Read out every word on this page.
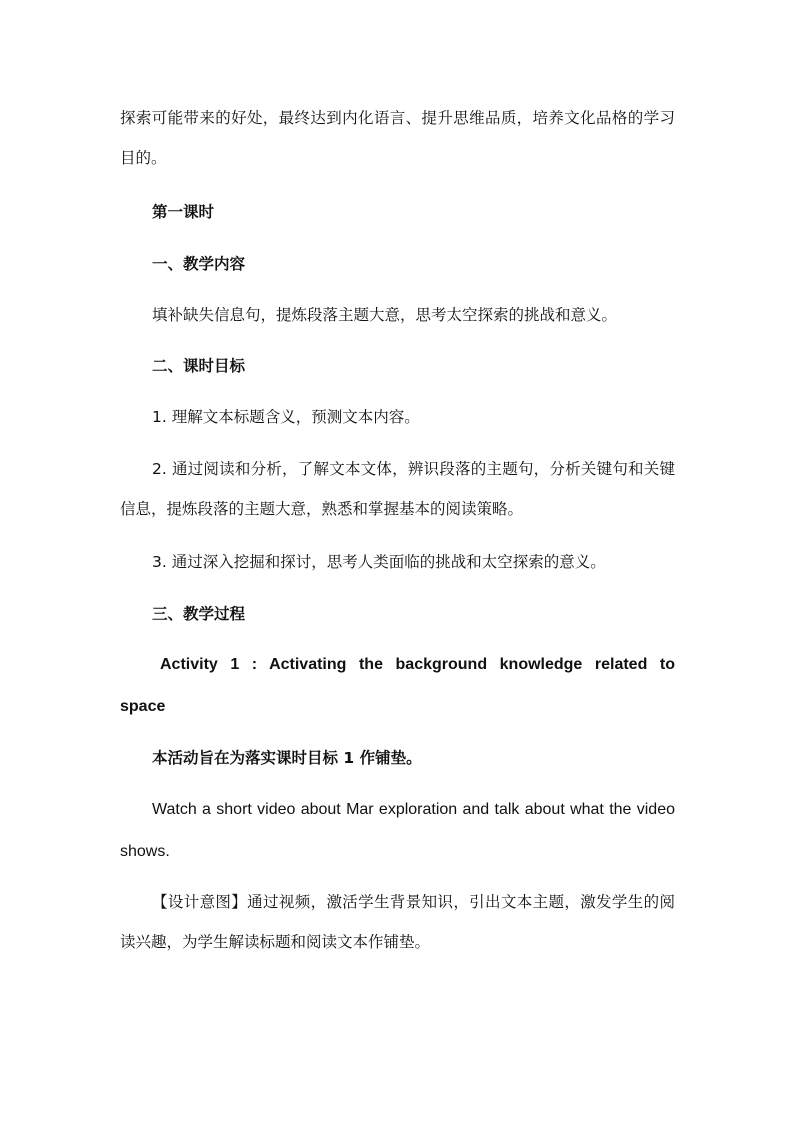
探索可能带来的好处，最终达到内化语言、提升思维品质，培养文化品格的学习目的。

第一课时

一、教学内容

填补缺失信息句，提炼段落主题大意，思考太空探索的挑战和意义。

二、课时目标

1. 理解文本标题含义，预测文本内容。

2. 通过阅读和分析，了解文本文体，辨识段落的主题句，分析关键句和关键信息，提炼段落的主题大意，熟悉和掌握基本的阅读策略。

3. 通过深入挖掘和探讨，思考人类面临的挑战和太空探索的意义。

三、教学过程

Activity 1 : Activating the background knowledge related to space

本活动旨在为落实课时目标 1 作铺垫。

Watch a short video about Mar exploration and talk about what the video shows.

【设计意图】通过视频，激活学生背景知识，引出文本主题，激发学生的阅读兴趣，为学生解读标题和阅读文本作铺垫。
